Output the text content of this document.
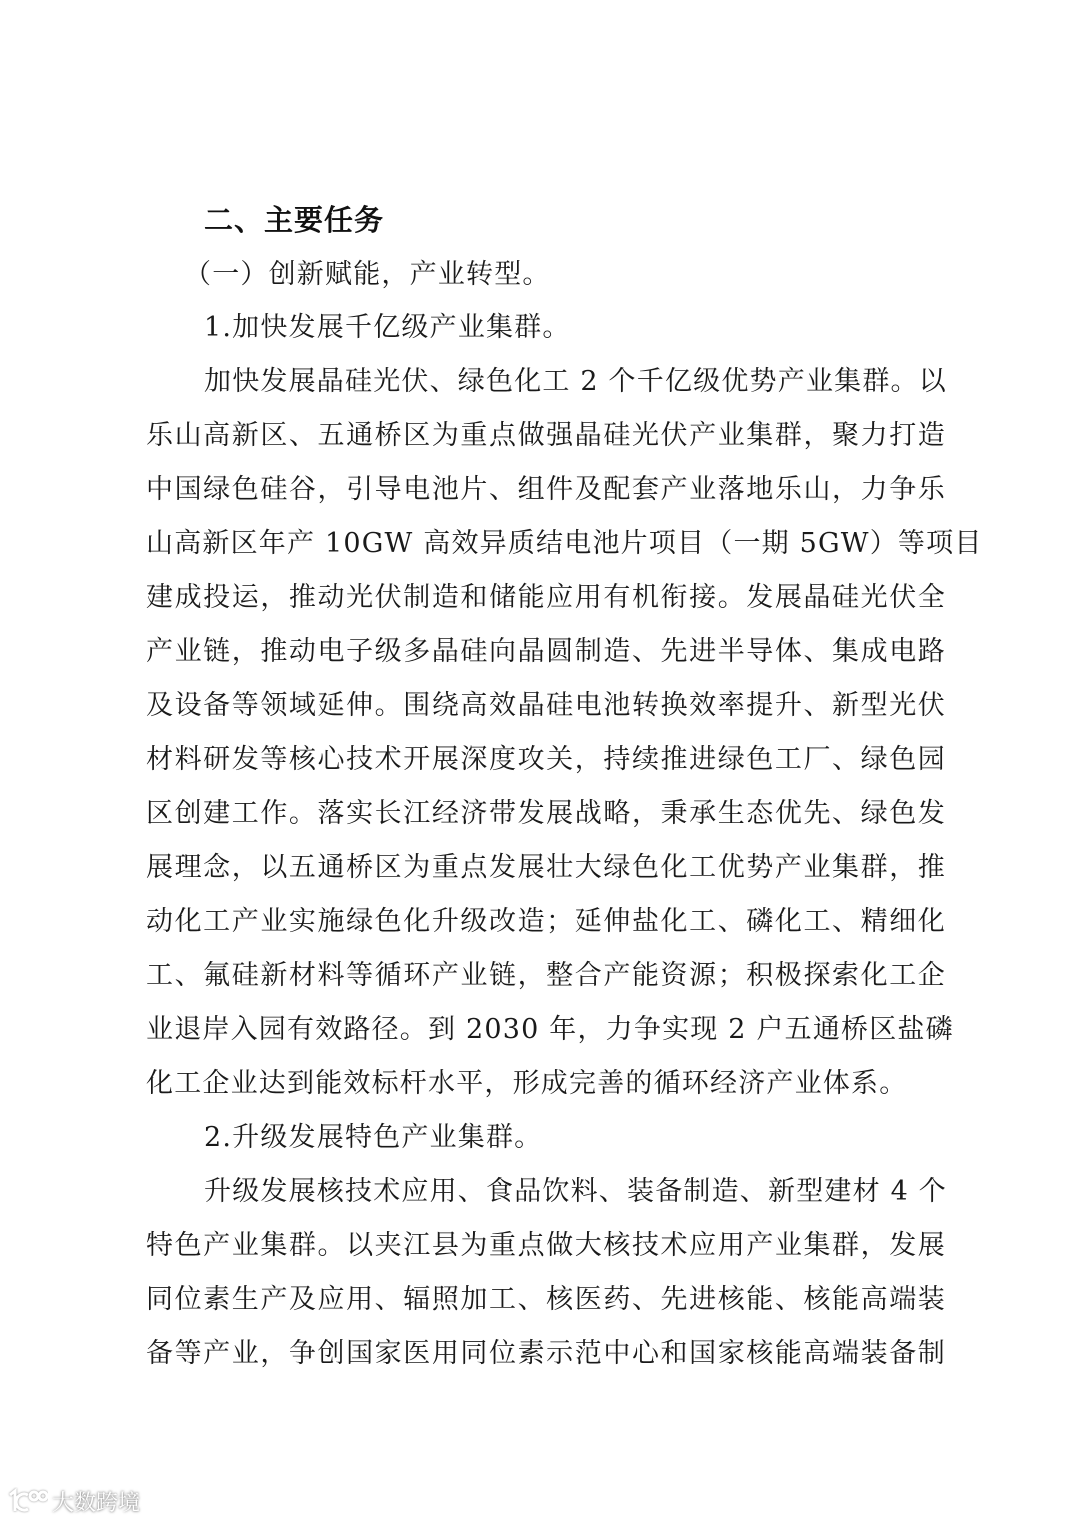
二、主要任务
（一）创新赋能，产业转型。
1.加快发展千亿级产业集群。
加快发展晶硅光伏、绿色化工 2 个千亿级优势产业集群。以
乐山高新区、五通桥区为重点做强晶硅光伏产业集群，聚力打造
中国绿色硅谷，引导电池片、组件及配套产业落地乐山，力争乐
山高新区年产 10GW 高效异质结电池片项目（一期 5GW）等项目
建成投运，推动光伏制造和储能应用有机衔接。发展晶硅光伏全
产业链，推动电子级多晶硅向晶圆制造、先进半导体、集成电路
及设备等领域延伸。围绕高效晶硅电池转换效率提升、新型光伏
材料研发等核心技术开展深度攻关，持续推进绿色工厂、绿色园
区创建工作。落实长江经济带发展战略，秉承生态优先、绿色发
展理念，以五通桥区为重点发展壮大绿色化工优势产业集群，推
动化工产业实施绿色化升级改造；延伸盐化工、磷化工、精细化
工、氟硅新材料等循环产业链，整合产能资源；积极探索化工企
业退岸入园有效路径。到 2030 年，力争实现 2 户五通桥区盐磷
化工企业达到能效标杆水平，形成完善的循环经济产业体系。
2.升级发展特色产业集群。
升级发展核技术应用、食品饮料、装备制造、新型建材 4 个
特色产业集群。以夹江县为重点做大核技术应用产业集群，发展
同位素生产及应用、辐照加工、核医药、先进核能、核能高端装
备等产业，争创国家医用同位素示范中心和国家核能高端装备制
大数跨境
